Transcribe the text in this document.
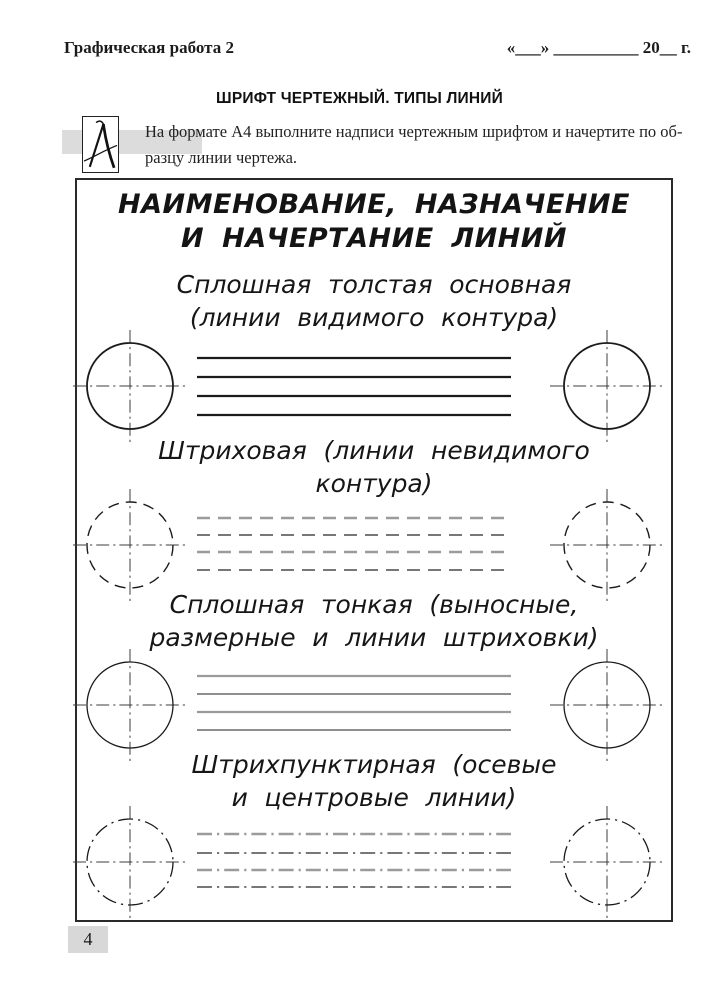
Графическая работа 2	«___» __________ 20__ г.
ШРИФТ ЧЕРТЕЖНЫЙ. ТИПЫ ЛИНИЙ
На формате А4 выполните надписи чертежным шрифтом и начертите по об-
разцу линии чертежа.
НАИМЕНОВАНИЕ, НАЗНАЧЕНИЕ
И НАЧЕРТАНИЕ ЛИНИЙ
Сплошная толстая основная
(линии видимого контура)
Штриховая (линии невидимого
контура)
Сплошная тонкая (выносные,
размерные и линии штриховки)
Штрихпунктирная (осевые
и центровые линии)
4
